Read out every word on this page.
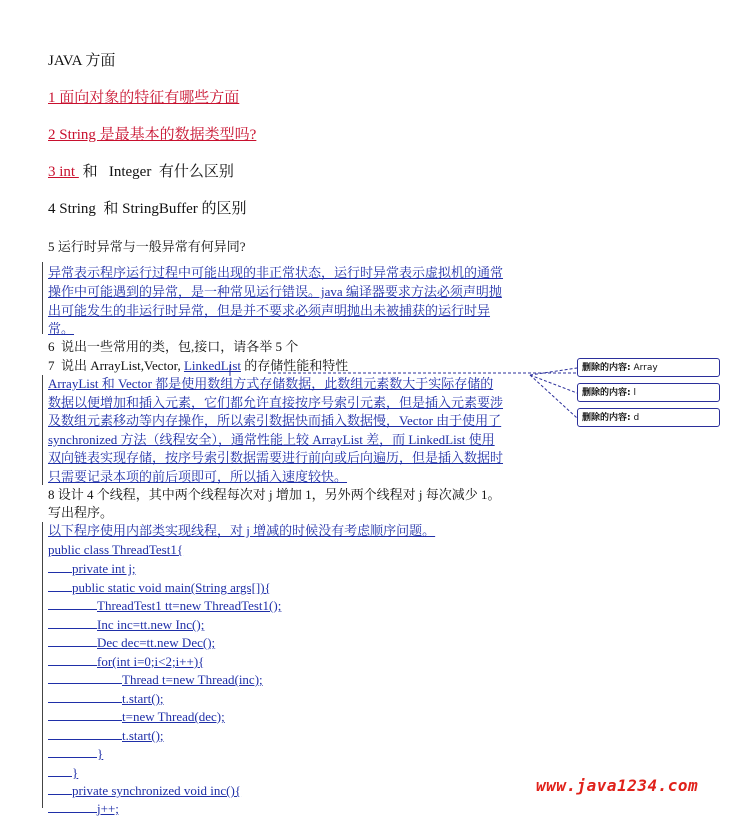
JAVA 方面
1 面向对象的特征有哪些方面
2 String 是最基本的数据类型吗?
3 int  和   Integer  有什么区别
4 String  和 StringBuffer 的区别
5 运行时异常与一般异常有何异同?
异常表示程序运行过程中可能出现的非正常状态，运行时异常表示虚拟机的通常
操作中可能遇到的异常，是一种常见运行错误。java 编译器要求方法必须声明抛
出可能发生的非运行时异常，但是并不要求必须声明抛出未被捕获的运行时异
常。
6  说出一些常用的类，包,接口，请各举 5 个
7  说出 ArrayList,Vector, LinkedList 的存储性能和特性
ArrayList 和 Vector 都是使用数组方式存储数据，此数组元素数大于实际存储的
数据以便增加和插入元素，它们都允许直接按序号索引元素，但是插入元素要涉
及数组元素移动等内存操作，所以索引数据快而插入数据慢，Vector 由于使用了
synchronized 方法（线程安全），通常性能上较 ArrayList 差，而 LinkedList 使用
双向链表实现存储，按序号索引数据需要进行前向或后向遍历，但是插入数据时
只需要记录本项的前后项即可，所以插入速度较快。
8 设计 4 个线程，其中两个线程每次对 j 增加 1，另外两个线程对 j 每次减少 1。
写出程序。
以下程序使用内部类实现线程，对 j 增减的时候没有考虑顺序问题。
public class ThreadTest1{
private int j;
public static void main(String args[]){
ThreadTest1 tt=new ThreadTest1();
Inc inc=tt.new Inc();
Dec dec=tt.new Dec();
for(int i=0;i<2;i++){
Thread t=new Thread(inc);
t.start();
t=new Thread(dec);
t.start();
}
}
private synchronized void inc(){
j++;
删除的内容: Array
删除的内容: l
删除的内容: d
www.java1234.com
